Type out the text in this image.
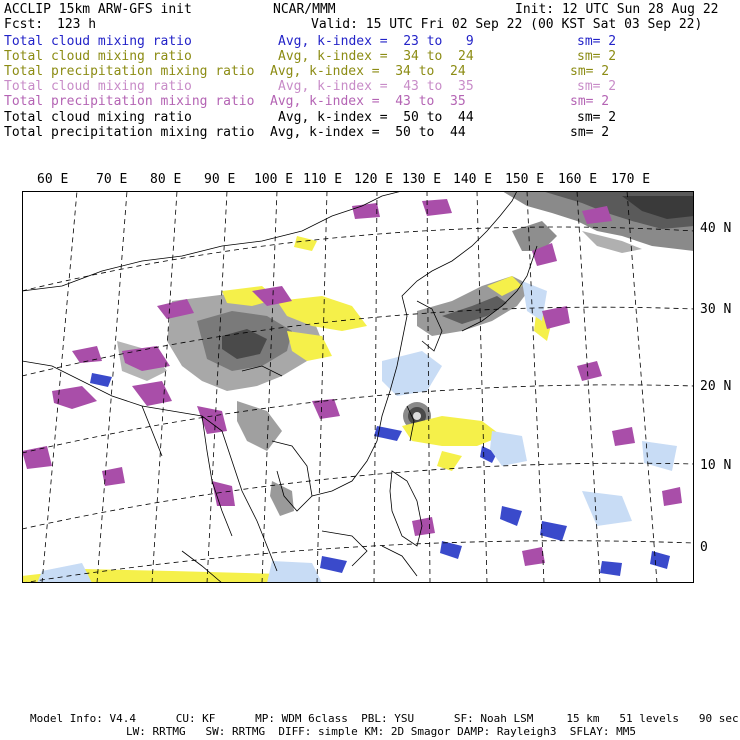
ACCLIP 15km ARW-GFS init	NCAR/MMM	Init: 12 UTC Sun 28 Aug 22
Fcst: 123 h	Valid: 15 UTC Fri 02 Sep 22 (00 KST Sat 03 Sep 22)
Total cloud mixing ratio	Avg, k-index =  23 to   9	sm= 2
Total cloud mixing ratio	Avg, k-index =  34 to  24	sm= 2
Total precipitation mixing ratio Avg, k-index =  34 to  24	sm= 2
Total cloud mixing ratio	Avg, k-index =  43 to  35	sm= 2
Total precipitation mixing ratio Avg, k-index =  43 to  35	sm= 2
Total cloud mixing ratio	Avg, k-index =  50 to  44	sm= 2
Total precipitation mixing ratio Avg, k-index =  50 to  44	sm= 2
60 E 70 E 80 E 90 E 100 E 110 E 120 E 130 E 140 E 150 E 160 E 170 E
40 N
30 N
20 N
10 N
0
Model Info: V4.4      CU: KF      MP: WDM 6class  PBL: YSU      SF: Noah LSM     15 km   51 levels   90 sec
LW: RRTMG   SW: RRTMG  DIFF: simple KM: 2D Smagor DAMP: Rayleigh3  SFLAY: MM5
